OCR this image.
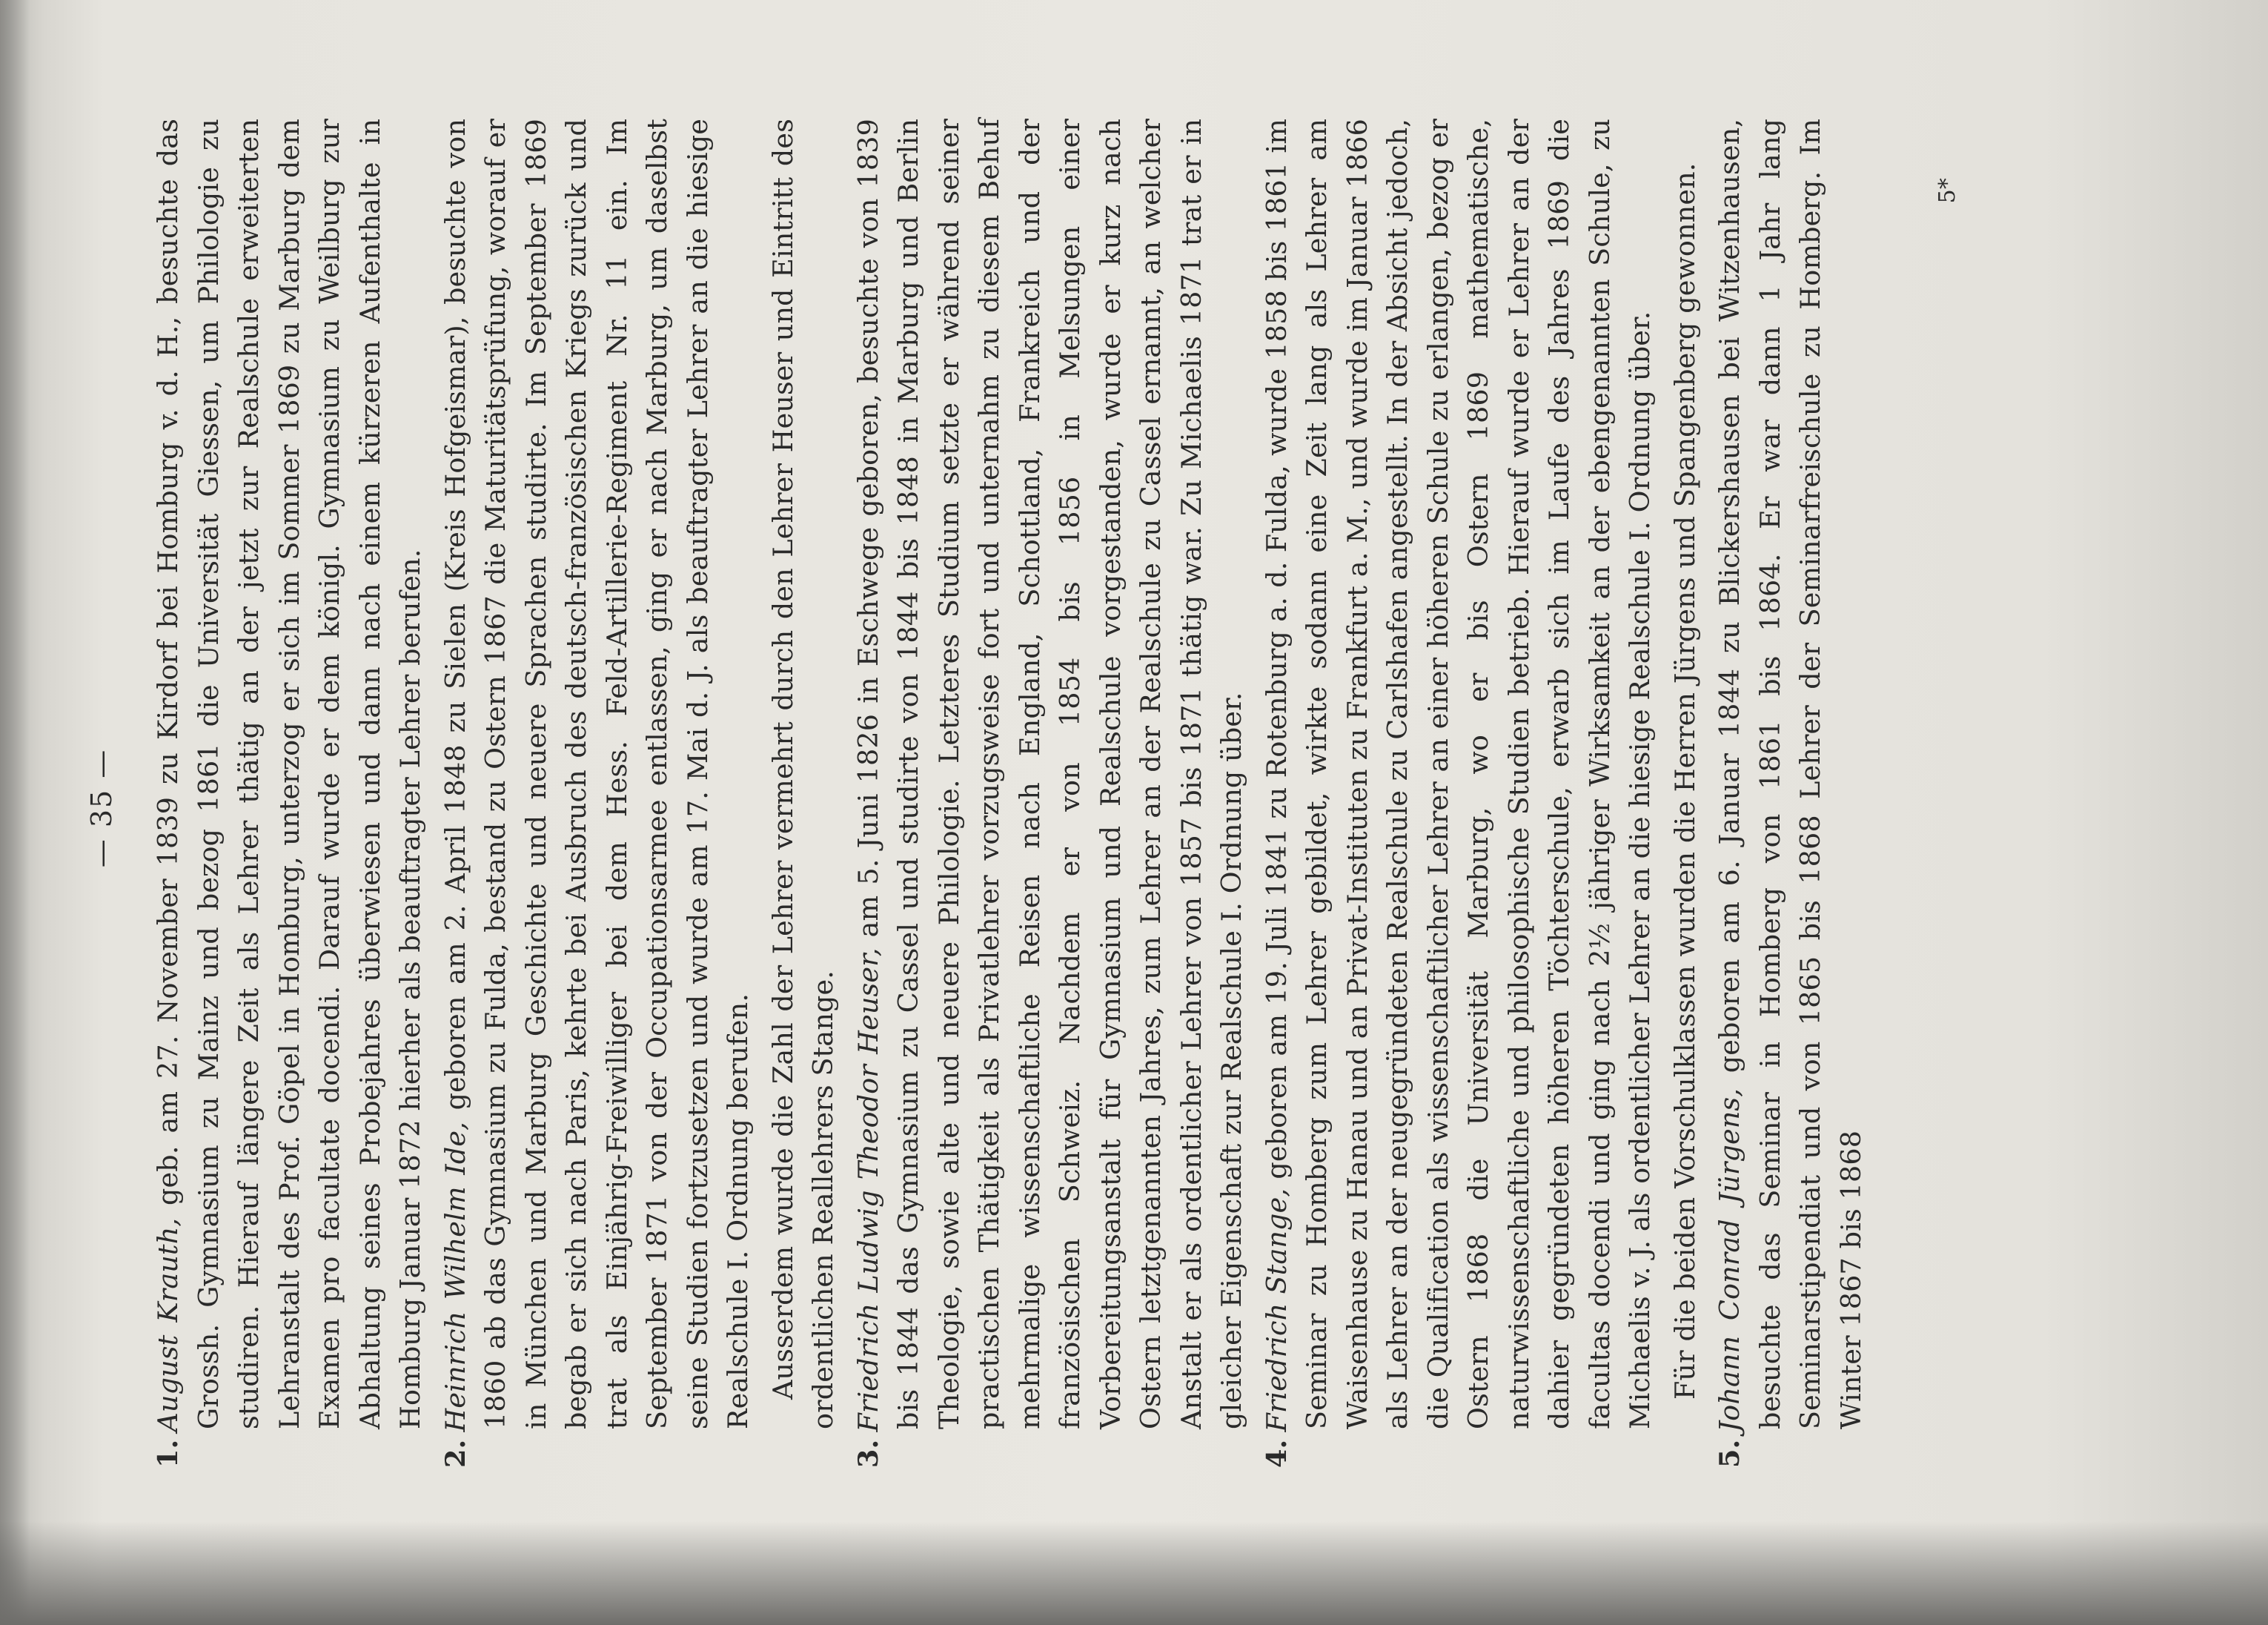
— 35 —

1.August Krauth, geb. am 27. November 1839 zu Kirdorf bei Homburg v. d. H., besuchte das Grossh. Gymnasium zu Mainz und bezog 1861 die Universität Giessen, um Philologie zu studiren. Hierauf längere Zeit als Lehrer thätig an der jetzt zur Realschule erweiterten Lehranstalt des Prof. Göpel in Homburg, unterzog er sich im Sommer 1869 zu Marburg dem Examen pro facultate docendi. Darauf wurde er dem königl. Gymnasium zu Weilburg zur Abhaltung seines Probejahres überwiesen und dann nach einem kürzeren Aufenthalte in Homburg Januar 1872 hierher als beauftragter Lehrer berufen.

2.Heinrich Wilhelm Ide, geboren am 2. April 1848 zu Sielen (Kreis Hofgeismar), besuchte von 1860 ab das Gymnasium zu Fulda, bestand zu Ostern 1867 die Maturitätsprüfung, worauf er in München und Marburg Geschichte und neuere Sprachen studirte. Im September 1869 begab er sich nach Paris, kehrte bei Ausbruch des deutsch-französischen Kriegs zurück und trat als Einjährig-Freiwilliger bei dem Hess. Feld-Artillerie-Regiment Nr. 11 ein. Im September 1871 von der Occupationsarmee entlassen, ging er nach Marburg, um daselbst seine Studien fortzusetzen und wurde am 17. Mai d. J. als beauftragter Lehrer an die hiesige Realschule I. Ordnung berufen. Ausserdem wurde die Zahl der Lehrer vermehrt durch den Lehrer Heuser und Eintritt des ordentlichen Reallehrers Stange.

3.Friedrich Ludwig Theodor Heuser, am 5. Juni 1826 in Eschwege geboren, besuchte von 1839 bis 1844 das Gymnasium zu Cassel und studirte von 1844 bis 1848 in Marburg und Berlin Theologie, sowie alte und neuere Philologie. Letzteres Studium setzte er während seiner practischen Thätigkeit als Privatlehrer vorzugsweise fort und unternahm zu diesem Behuf mehrmalige wissenschaftliche Reisen nach England, Schottland, Frankreich und der französischen Schweiz. Nachdem er von 1854 bis 1856 in Melsungen einer Vorbereitungsanstalt für Gymnasium und Realschule vorgestanden, wurde er kurz nach Ostern letztgenannten Jahres, zum Lehrer an der Realschule zu Cassel ernannt, an welcher Anstalt er als ordentlicher Lehrer von 1857 bis 1871 thätig war. Zu Michaelis 1871 trat er in gleicher Eigenschaft zur Realschule I. Ordnung über.

4.Friedrich Stange, geboren am 19. Juli 1841 zu Rotenburg a. d. Fulda, wurde 1858 bis 1861 im Seminar zu Homberg zum Lehrer gebildet, wirkte sodann eine Zeit lang als Lehrer am Waisenhause zu Hanau und an Privat-Instituten zu Frankfurt a. M., und wurde im Januar 1866 als Lehrer an der neugegründeten Realschule zu Carlshafen angestellt. In der Absicht jedoch, die Qualification als wissenschaftlicher Lehrer an einer höheren Schule zu erlangen, bezog er Ostern 1868 die Universität Marburg, wo er bis Ostern 1869 mathematische, naturwissenschaftliche und philosophische Studien betrieb. Hierauf wurde er Lehrer an der dahier gegründeten höheren Töchterschule, erwarb sich im Laufe des Jahres 1869 die facultas docendi und ging nach 2½ jähriger Wirksamkeit an der ebengenannten Schule, zu Michaelis v. J. als ordentlicher Lehrer an die hiesige Realschule I. Ordnung über. Für die beiden Vorschulklassen wurden die Herren Jürgens und Spangenberg gewonnen.

5.Johann Conrad Jürgens, geboren am 6. Januar 1844 zu Blickershausen bei Witzenhausen, besuchte das Seminar in Homberg von 1861 bis 1864. Er war dann 1 Jahr lang Seminarstipendiat und von 1865 bis 1868 Lehrer der Seminarfreischule zu Homberg. Im Winter 1867 bis 1868

5*
